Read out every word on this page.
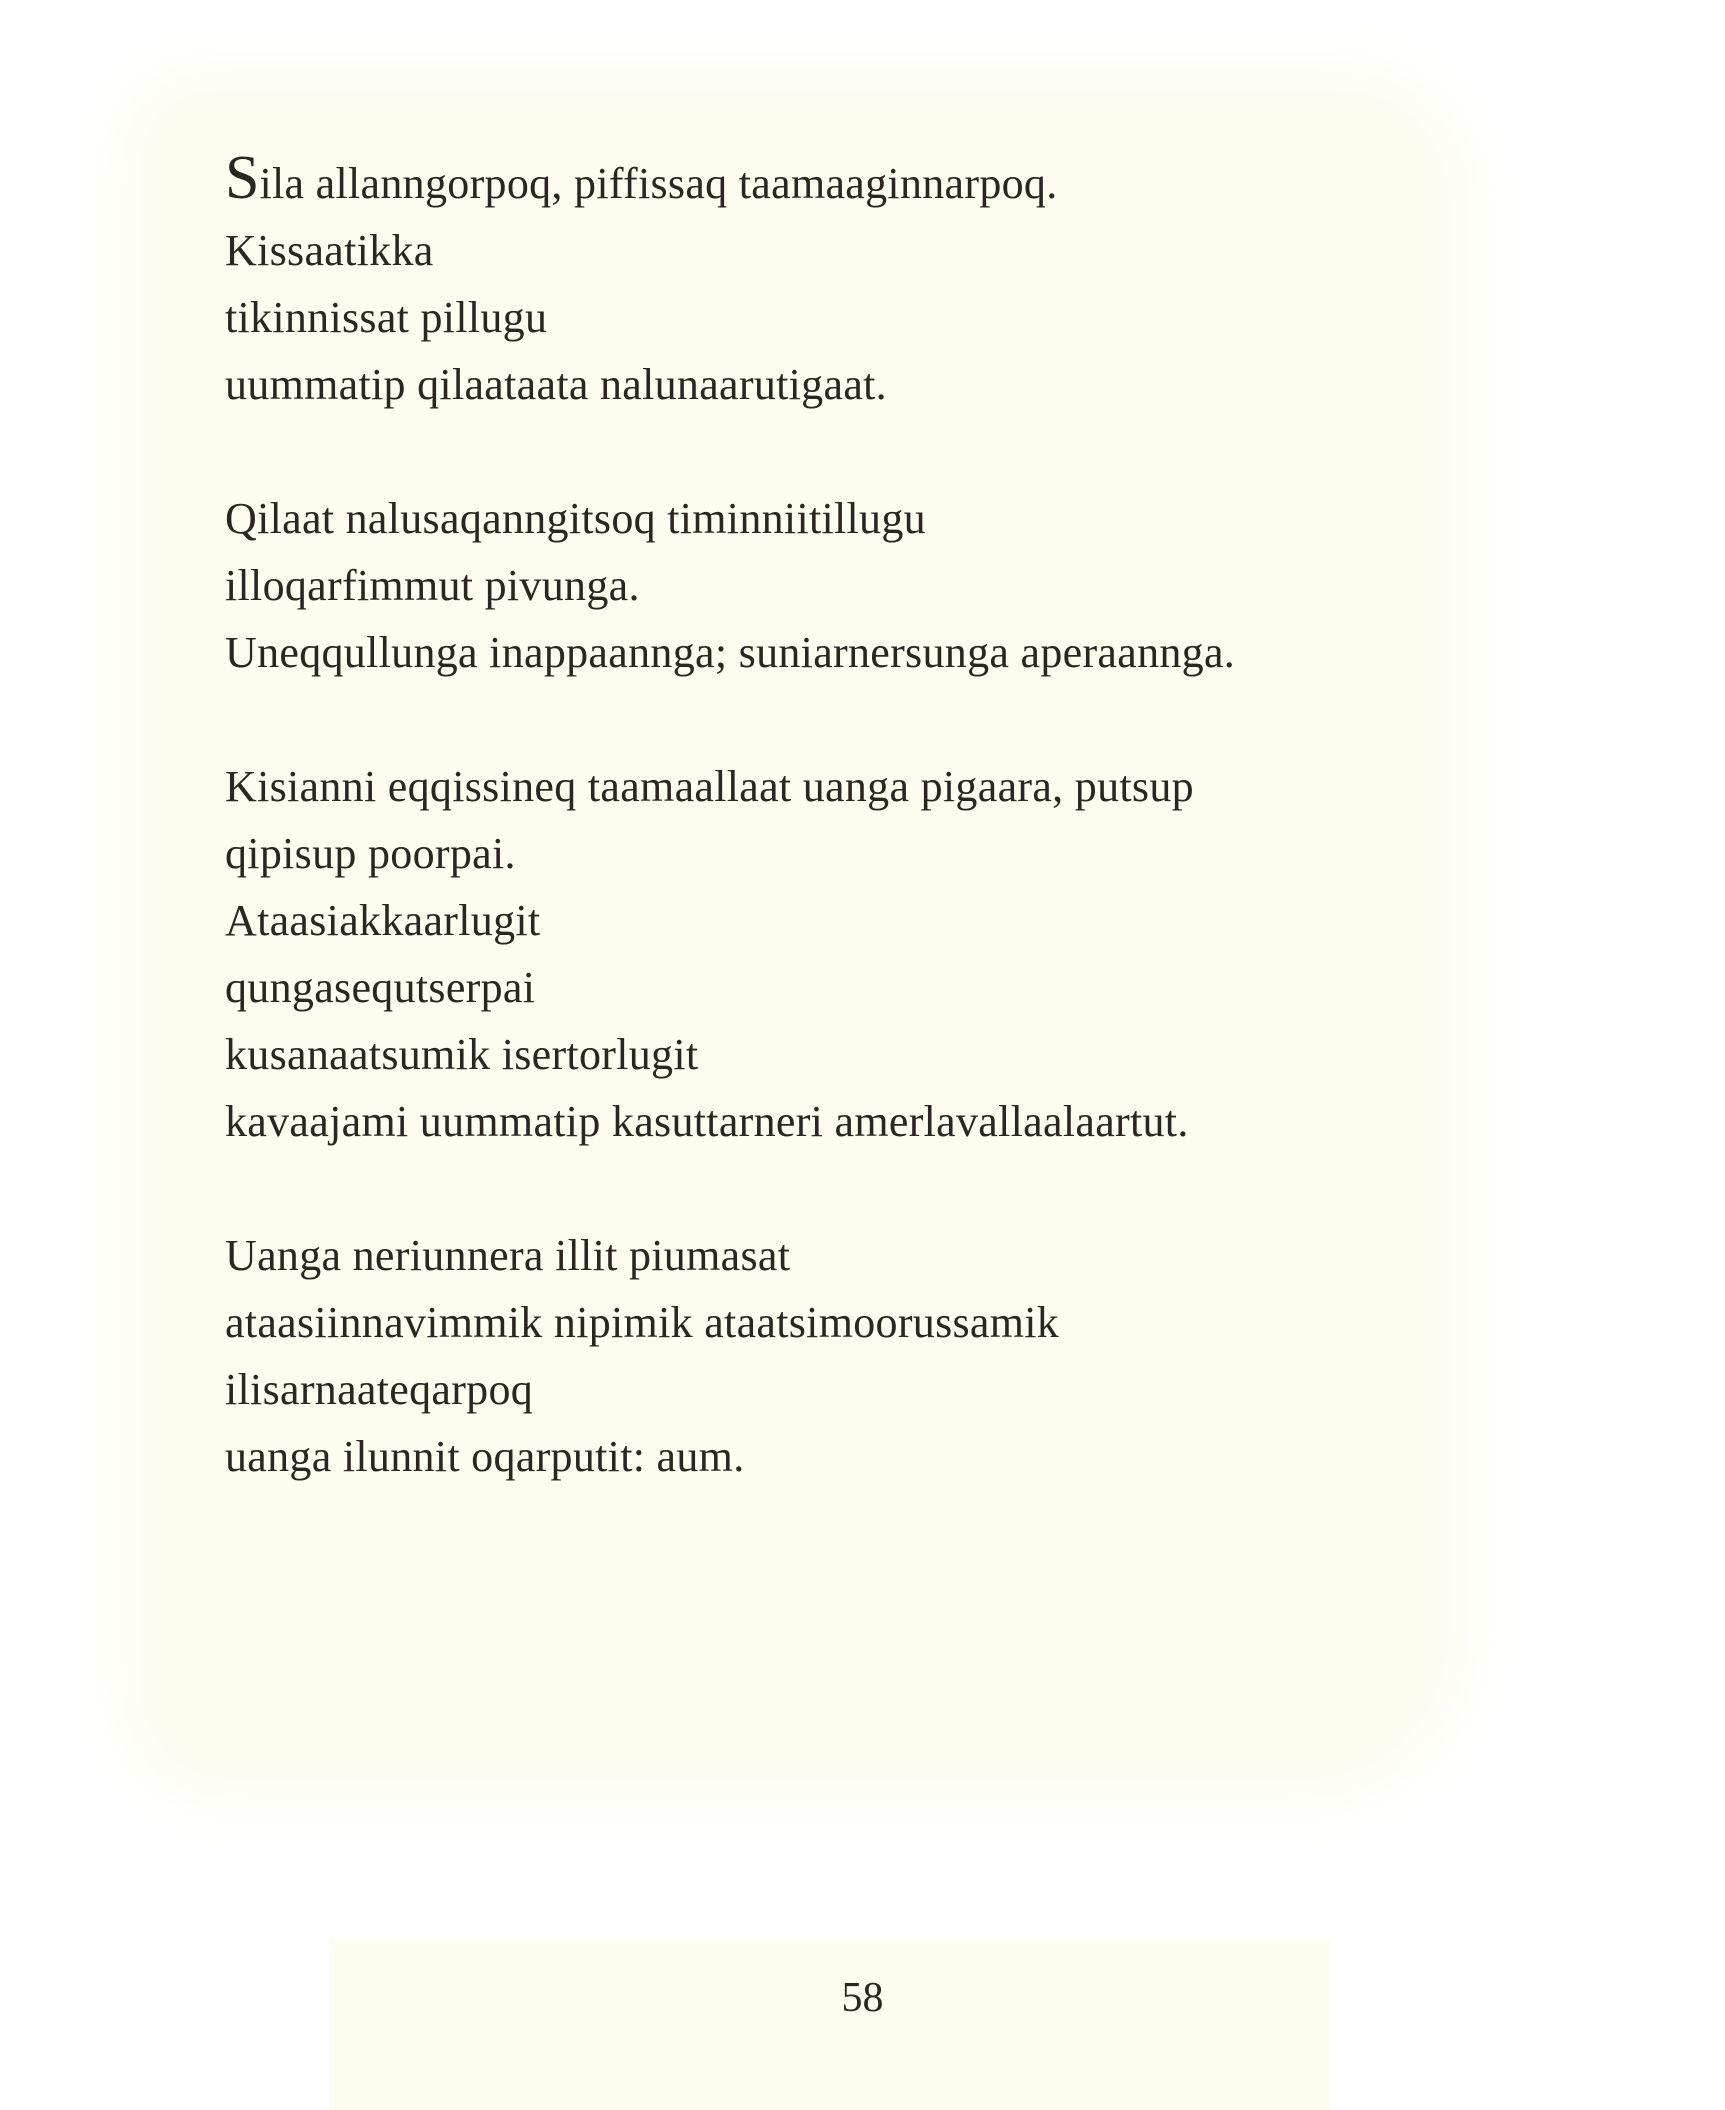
Sila allanngorpoq, piffissaq taamaaginnarpoq.
Kissaatikka
tikinnissat pillugu
uummatip qilaataata nalunaarutigaat.
Qilaat nalusaqanngitsoq timinniitillugu
illoqarfimmut pivunga.
Uneqqullunga inappaannga; suniarnersunga aperaannga.
Kisianni eqqissineq taamaallaat uanga pigaara, putsup
qipisup poorpai.
Ataasiakkaarlugit
qungasequtserpai
kusanaatsumik isertorlugit
kavaajami uummatip kasuttarneri amerlavallaalaartut.
Uanga neriunnera illit piumasat
ataasiinnavimmik nipimik ataatsimoorussamik
ilisarnaateqarpoq
uanga ilunnit oqarputit: aum.
58
